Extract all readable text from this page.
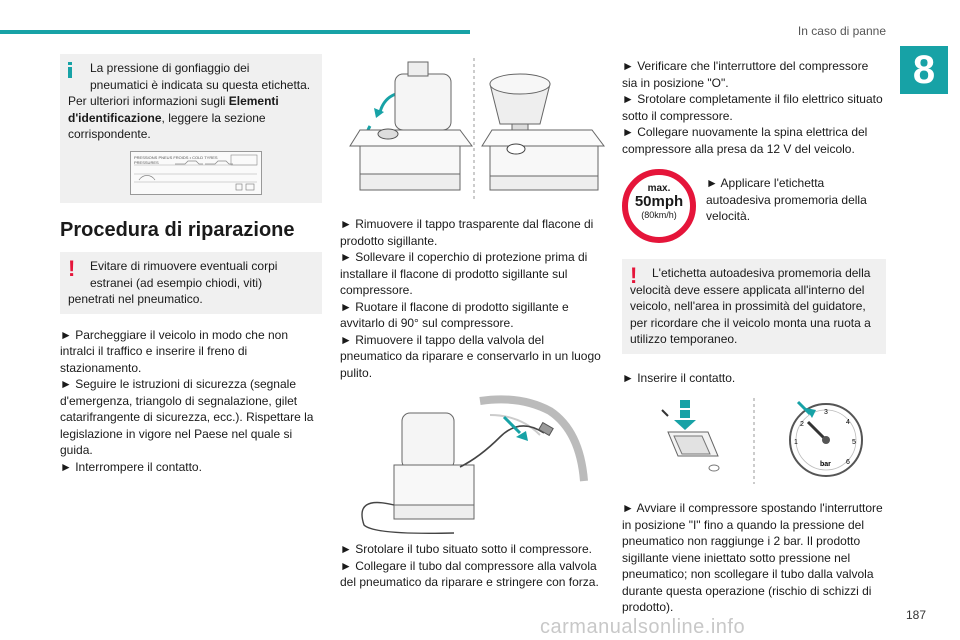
In caso di panne
8

La pressione di gonfiaggio dei

pneumatici è indicata su questa etichetta.

Per ulteriori informazioni sugli Elementi d'identificazione, leggere la sezione corrispondente.

PRESSIONS PNEUS FROIDS • COLD TYRES PRESSURES
Procedura di riparazione
!	Evitare di rimuovere eventuali corpi

estranei (ad esempio chiodi, viti)

penetrati nel pneumatico.

► Parcheggiare il veicolo in modo che non intralci il traffico e inserire il freno di stazionamento.

► Seguire le istruzioni di sicurezza (segnale d'emergenza, triangolo di segnalazione, gilet catarifrangente di sicurezza, ecc.). Rispettare la legislazione in vigore nel Paese nel quale si guida.

► Interrompere il contatto.

► Rimuovere il tappo trasparente dal flacone di prodotto sigillante.

► Sollevare il coperchio di protezione prima di installare il flacone di prodotto sigillante sul compressore.

► Ruotare il flacone di prodotto sigillante e avvitarlo di 90° sul compressore.

► Rimuovere il tappo della valvola del pneumatico da riparare e conservarlo in un luogo pulito.

► Srotolare il tubo situato sotto il compressore.

► Collegare il tubo dal compressore alla valvola del pneumatico da riparare e stringere con forza.

► Verificare che l'interruttore del compressore sia in posizione "O".

► Srotolare completamente il filo elettrico situato sotto il compressore.

► Collegare nuovamente la spina elettrica del compressore alla presa da 12 V del veicolo.

max.
50mph
(80km/h)

► Applicare l'etichetta autoadesiva promemoria della velocità.

!	L'etichetta autoadesiva promemoria della velocità deve essere applicata all'interno del veicolo, nell'area in prossimità del guidatore, per ricordare che il veicolo monta una ruota a utilizzo temporaneo.

► Inserire il contatto.

1
2
3
4
5
6
bar

► Avviare il compressore spostando l'interruttore in posizione "I" fino a quando la pressione del pneumatico non raggiunge i 2 bar. Il prodotto sigillante viene iniettato sotto pressione nel pneumatico; non scollegare il tubo dalla valvola durante questa operazione (rischio di schizzi di prodotto).

187
carmanualsonline.info
